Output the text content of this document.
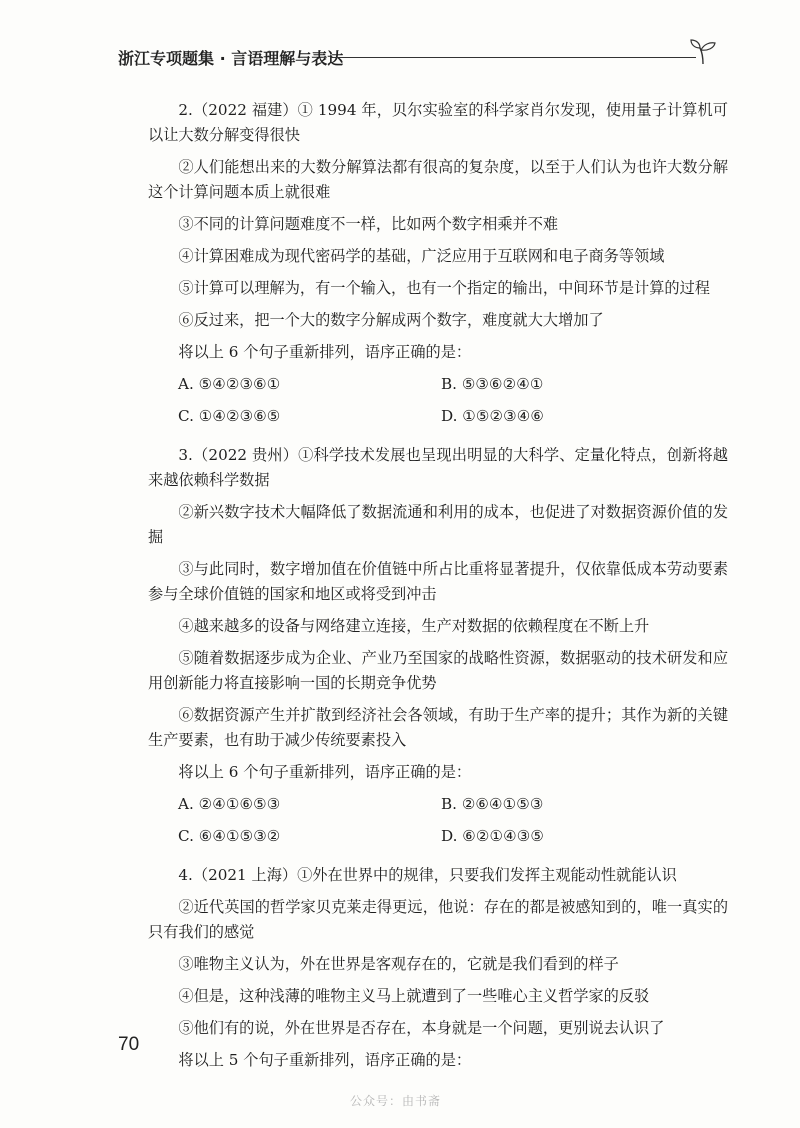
浙江专项题集 · 言语理解与表达

2.（2022 福建）① 1994 年，贝尔实验室的科学家肖尔发现，使用量子计算机可以让大数分解变得很快

②人们能想出来的大数分解算法都有很高的复杂度，以至于人们认为也许大数分解这个计算问题本质上就很难

③不同的计算问题难度不一样，比如两个数字相乘并不难

④计算困难成为现代密码学的基础，广泛应用于互联网和电子商务等领域

⑤计算可以理解为，有一个输入，也有一个指定的输出，中间环节是计算的过程

⑥反过来，把一个大的数字分解成两个数字，难度就大大增加了

将以上 6 个句子重新排列，语序正确的是：

A. ⑤④②③⑥①	B. ⑤③⑥②④①
C. ①④②③⑥⑤	D. ①⑤②③④⑥

3.（2022 贵州）①科学技术发展也呈现出明显的大科学、定量化特点，创新将越来越依赖科学数据

②新兴数字技术大幅降低了数据流通和利用的成本，也促进了对数据资源价值的发掘

③与此同时，数字增加值在价值链中所占比重将显著提升，仅依靠低成本劳动要素参与全球价值链的国家和地区或将受到冲击

④越来越多的设备与网络建立连接，生产对数据的依赖程度在不断上升

⑤随着数据逐步成为企业、产业乃至国家的战略性资源，数据驱动的技术研发和应用创新能力将直接影响一国的长期竞争优势

⑥数据资源产生并扩散到经济社会各领域，有助于生产率的提升；其作为新的关键生产要素，也有助于减少传统要素投入

将以上 6 个句子重新排列，语序正确的是：

A. ②④①⑥⑤③	B. ②⑥④①⑤③
C. ⑥④①⑤③②	D. ⑥②①④③⑤

4.（2021 上海）①外在世界中的规律，只要我们发挥主观能动性就能认识

②近代英国的哲学家贝克莱走得更远，他说：存在的都是被感知到的，唯一真实的只有我们的感觉

③唯物主义认为，外在世界是客观存在的，它就是我们看到的样子

④但是，这种浅薄的唯物主义马上就遭到了一些唯心主义哲学家的反驳

⑤他们有的说，外在世界是否存在，本身就是一个问题，更别说去认识了

将以上 5 个句子重新排列，语序正确的是：

70
公众号：由书斋
